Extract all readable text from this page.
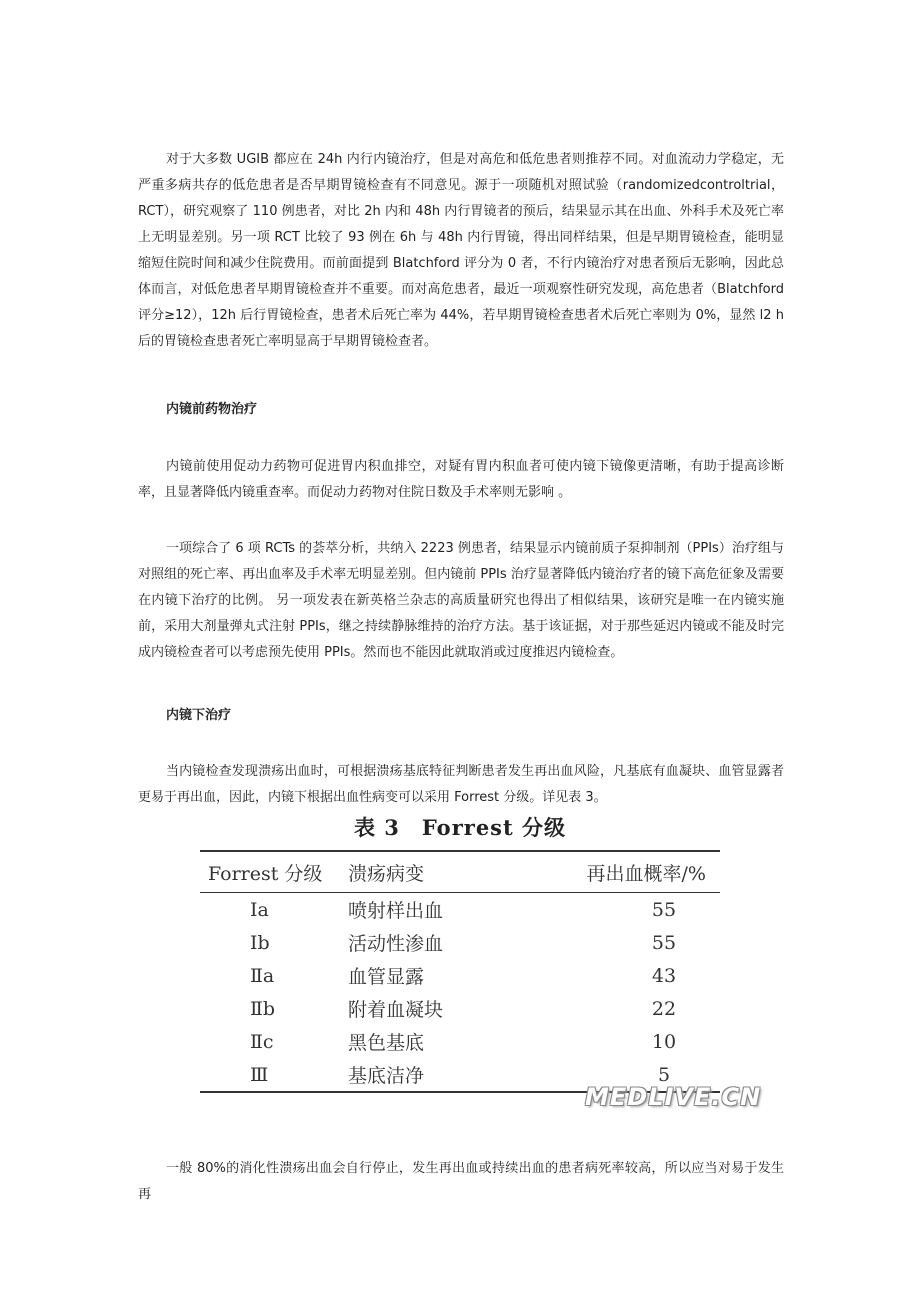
对于大多数 UGIB 都应在 24h 内行内镜治疗，但是对高危和低危患者则推荐不同。对血流动力学稳定，无严重多病共存的低危患者是否早期胃镜检查有不同意见。源于一项随机对照试验（randomizedcontroltrial，RCT），研究观察了 110 例患者，对比 2h 内和 48h 内行胃镜者的预后，结果显示其在出血、外科手术及死亡率上无明显差别。另一项 RCT 比较了 93 例在 6h 与 48h 内行胃镜，得出同样结果，但是早期胃镜检查，能明显缩短住院时间和减少住院费用。而前面提到 Blatchford 评分为 0 者，不行内镜治疗对患者预后无影响，因此总体而言，对低危患者早期胃镜检查并不重要。而对高危患者，最近一项观察性研究发现，高危患者（Blatchford 评分≥12），12h 后行胃镜检查，患者术后死亡率为 44%，若早期胃镜检查患者术后死亡率则为 0%，显然 l2 h 后的胃镜检查患者死亡率明显高于早期胃镜检查者。

内镜前药物治疗

内镜前使用促动力药物可促进胃内积血排空，对疑有胃内积血者可使内镜下镜像更清晰，有助于提高诊断率，且显著降低内镜重查率。而促动力药物对住院日数及手术率则无影响 。

一项综合了 6 项 RCTs 的荟萃分析，共纳入 2223 例患者，结果显示内镜前质子泵抑制剂（PPIs）治疗组与对照组的死亡率、再出血率及手术率无明显差别。但内镜前 PPIs 治疗显著降低内镜治疗者的镜下高危征象及需要在内镜下治疗的比例。 另一项发表在新英格兰杂志的高质量研究也得出了相似结果，该研究是唯一在内镜实施前，采用大剂量弹丸式注射 PPIs，继之持续静脉维持的治疗方法。基于该证据，对于那些延迟内镜或不能及时完成内镜检查者可以考虑预先使用 PPIs。然而也不能因此就取消或过度推迟内镜检查。

内镜下治疗

当内镜检查发现溃疡出血时，可根据溃疡基底特征判断患者发生再出血风险，凡基底有血凝块、血管显露者更易于再出血，因此，内镜下根据出血性病变可以采用 Forrest 分级。详见表 3。

表 3 Forrest 分级

Forrest 分级	溃疡病变	再出血概率/%
Ⅰa	喷射样出血	55
Ⅰb	活动性渗血	55
Ⅱa	血管显露	43
Ⅱb	附着血凝块	22
Ⅱc	黑色基底	10
Ⅲ	基底洁净	5
MEDLIVE.CN

一般 80%的消化性溃疡出血会自行停止，发生再出血或持续出血的患者病死率较高，所以应当对易于发生再
